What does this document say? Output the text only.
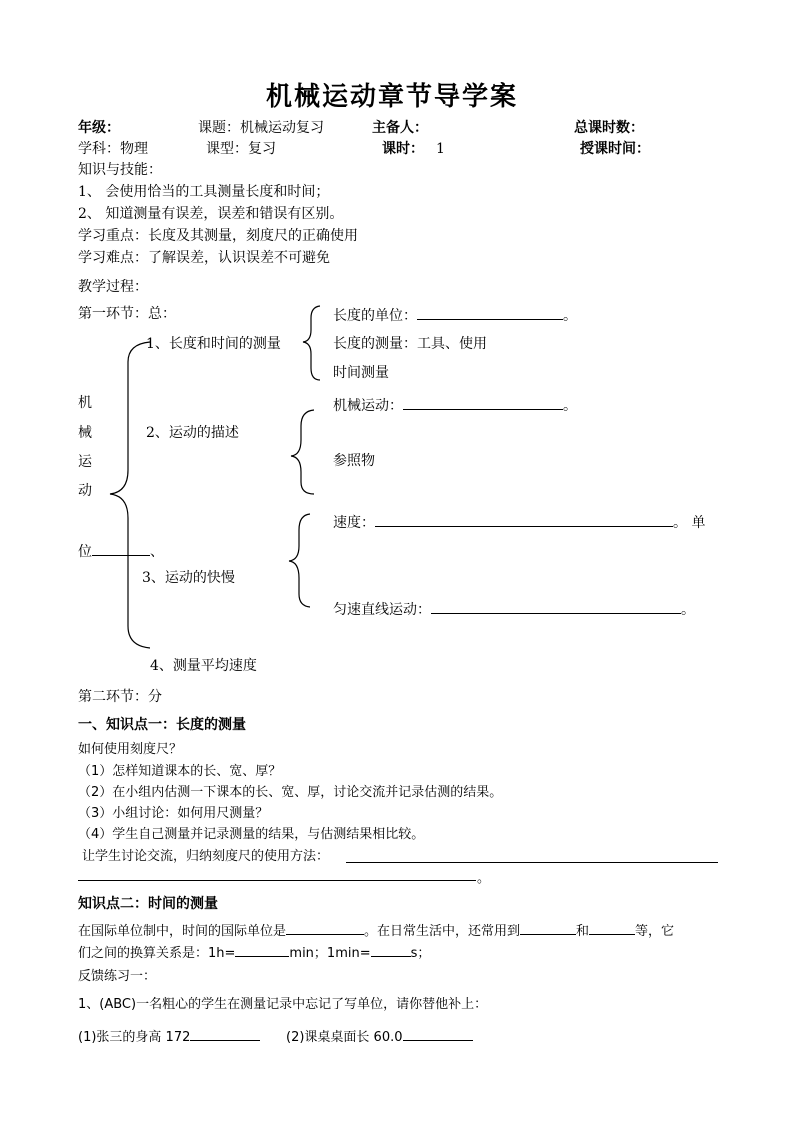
机械运动章节导学案
年级：	课题：机械运动复习	主备人：	总课时数：
学科：物理	课型：复习	课时： 1	授课时间：
知识与技能：
1、 会使用恰当的工具测量长度和时间；
2、 知道测量有误差，误差和错误有区别。
学习重点：长度及其测量，刻度尺的正确使用
学习难点：了解误差，认识误差不可避免
教学过程：
第一环节：总：
1、长度和时间的测量
长度的单位：	。
长度的测量：工具、使用
时间测量
机
械
运
动
位	、
2、运动的描述
机械运动：	。
参照物
3、运动的快慢
速度：	。 单
匀速直线运动：	。
4、测量平均速度
第二环节：分
一、知识点一：长度的测量
如何使用刻度尺？
（1）怎样知道课本的长、宽、厚？
（2）在小组内估测一下课本的长、宽、厚，讨论交流并记录估测的结果。
（3）小组讨论：如何用尺测量？
（4）学生自己测量并记录测量的结果，与估测结果相比较。
让学生讨论交流，归纳刻度尺的使用方法：
。
知识点二：时间的测量
在国际单位制中，时间的国际单位是	。在日常生活中，还常用到	和	等，它
们之间的换算关系是：1h=	min；1min=	s；
反馈练习一：
1、(ABC)一名粗心的学生在测量记录中忘记了写单位，请你替他补上：
(1)张三的身高 172	(2)课桌桌面长 60.0
